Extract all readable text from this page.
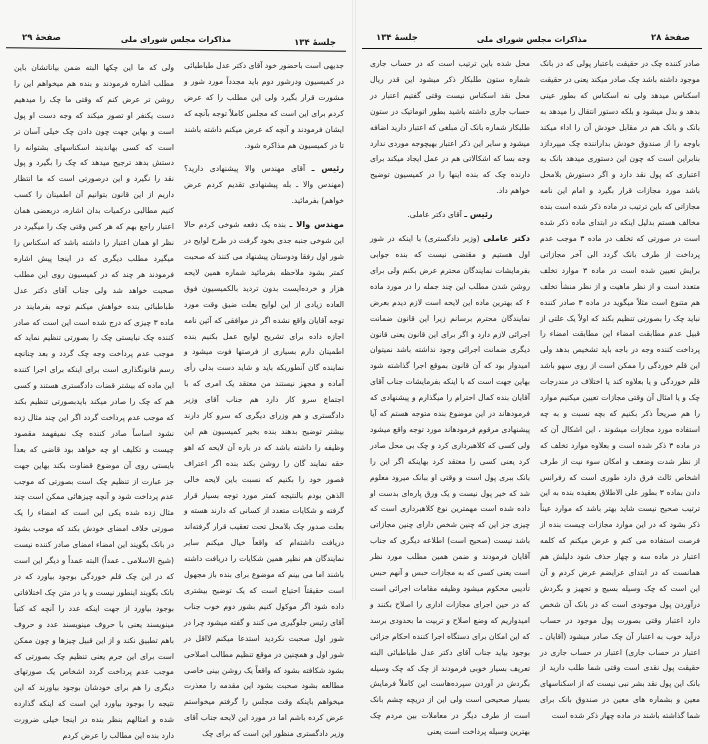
صفحهٔ ۲۹	مذاکرات مجلس شورای ملی	جلسهٔ ۱۳۴

ولی که ما این چکها البته ضمن بیاناتشان باین مطلب اشاره فرمودند و بنده هم میخواهم این را روشن تر عرض کنم که وقتی ما چک را میدهیم دست یکنفر او تصور میکند که وجه دست او پول است و بهاین جهت چون دادن چک خیلی آسان تر است که کسی بهاندیند اسکناسهای بشتوانه را دستش بدهد ترجیح میدهد که چک را بگیرد و پول نقد را نگیرد و این درصورتی است که ما انتظار داریم از این قانون بتوانیم آن اطمینان را کسب کنیم مطالبی درکمیات بدان اشاره، دربعضی همان اعتبار راجع بهم که هر کس وقتی چک را میگیرد در نظر او همان اعتبار را داشته باشد که اسکناس را میگیرد مطلب دیگری که در اینجا پیش اشاره فرمودند هر چند که در کمیسیون روی این مطلب صحبت خواهد شد ولی جناب آقای دکتر عدل طباطبائی بنده خواهش میکنم توجه بفرمایند در ماده ۳ چیزی که درج شده است این است که صادر کننده چک نبایستی چک را بصورتی تنظیم نماید که موجب عدم پرداخت وجه چک گردد و بعد چنانچه رسم قانونگذاری است برای اینکه برای اجرا کننده این ماده که بیشتر قضات دادگستری هستند و کسی هم که چک را صادر میکند بایدبصورتی تنظیم بکند که موجب عدم پرداخت گردد اگر این چند مثال زده نشود اساساً صادر کننده چک نمیفهمد مقصود چیست و تکلیف او چه خواهد بود قاضی که بعداً بایستی روی آن موضوع قضاوت بکند بهاین جهت جز عبارت از تنظیم چک است بصورتی که موجب عدم پرداخت شود و آنچه چیزهائی ممکن است چند مثال زده شده یکی این است که امضاء را یک صورتی خلاف امضای خودش بکند که موجب بشود در بانک بگویند این امضاء امضای صادر کننده نیست (شیخ الاسلامی ـ عمداً) البته عمداً و دیگر این است که در این چک قلم خوردگی بوجود بیاورد که در بانک بگویند اینطور نیست و یا در متن چک اختلافاتی بوجود بیاورد از جهت اینکه عدد را آنچه که کتباً مینویسند یعنی با حروف مینویسند عدد و حروف باهم تطبیق نکند و از این قبیل چیزها و چون ممکن است برای این جرم یعنی تنظیم چک بصورتی که موجب عدم پرداخت گردد اشخاص یک صورتهای دیگری را هم برای خودشان بوجود بیاورند که این نتیجه را بوجود بیاورد این است که اینکه گذارده شده و امثالهم بنظر بنده در اینجا خیلی ضرورت دارد بنده این مطالب را عرض کردم

جدیهی است باحضور خود آقای دکتر عدل طباطبائی در کمیسیون ودرشور دوم باید مجدداً مورد شور و مشورت قرار بگیرد ولی این مطلب را که عرض کردم برای این است که مجلس کاملاً توجه بآنچه که ایشان فرمودند و آنچه که عرض میکنم داشته باشند تا در کمیسیون هم مذاکره شود.

رئیس ـ آقای مهندس والا پیشنهادی دارید؟ (مهندس والا ـ بله پیشنهادی تقدیم کردم عرض خواهم) بفرمائید.

مهندس والا ـ بنده یک دفعه شوخی کردم حالا این شوخی جنبه جدی بخود گرفت در طرح لوایح در شور اول رفقا ودوستان پیشنهاد می کنند که صحبت کمتر بشود ملاحظه بفرمائید شماره همین لایحه هزار و خرده‌ایست بدون تردید بالکمیسیون فوق العاده زیادی از این لوایح بعلت ضیق وقت مورد توجه آقایان واقع نشده اگر در موافقی که آئین نامه اجازه داده برای تشریح لوایح عمل بکنیم بنده اطمینان دارم بسیاری از فرصتها فوت میشود و نماینده گان آنطوریکه باید و شاید دست بدلی رأی آماده و مجهز نیستند من معتقد یک امری که با اجتماع سرو کار دارد هم جناب آقای وزیر دادگستری و هم وزرای دیگری که سرو کار دارند بیشتر توضیح بدهند بنده بخیر کمیسیون هم این وظیفه را داشته باشد که در باره آن لایحه که اهو حقه نمایند گان را روشن بکند بنده اگر اعتراف قصور خود را بکنیم که نسبت باین لایحه خالی الذهن بودم بالنتیجه کمتر مورد توجه بسیار قرار گرفته و شکایات متعدد از کسانی که دارند هسته و بعلت صدور چک بلامحل تحت تعقیب قرار گرفته‌اند دریافت داشته‌ام که واقعاً خیال میکنم سایر نمایندگان هم نظیر همین شکایات را دریافت داشته باشند اما می بینم که موضوع برای بنده باز مجهول است حقیقتاً احتیاج است که یک توضیح بیشتری داده شود اگر موکول کنیم بشور دوم خوب جناب آقای رئیس جلوگیری می کنند و گفته میشود چرا در شور اول صحبت نکردید استدعا میکنم لااقل در شور اول و همچنین در موقع تنظیم مطالب اصلاحی بشود شکافته بشود که واقعاً یک روشن بینی خاصی مطالعه بشود صحبت بشود این مقدمه را معذرت میخواهم باینکه وقت مجلس را گرفتم میخواستم عرض کرده باشم اما در مورد این لایحه جناب آقای وزیر دادگستری منظور این است که برای چک

صفحهٔ ۲۸
مذاکرات مجلس شورای ملی
جلسهٔ ۱۳۴

محل شده باین ترتیب است که در حساب جاری شماره ستون طلبکار ذکر میشود این قدر ریال محل نقد اسکناس نیست وقتی گفتیم اعتبار در حساب جاری داشته باشید بطور اتوماتیک در ستون طلبکار شماره بانک آن مبلغی که اعتبار دارید اضافه میشود و ساير این ذکر اعتبار بهیچوجه موردی ندارد وجه بسا که اشکالاتی هم در عمل ایجاد میکند برای دارنده چک که بنده اینها را در کمیسیون توضیح خواهم داد.

رئیس ـ آقای دکتر عاملی.

دکتر عاملی (وزیر دادگستری) با اینکه در شور اول هستیم و مقتضی نیست که بنده جوابی بفرمایشات نمایندگان محترم عرض بکنم ولی برای روشن شدن مطلب این چند جمله را در مورد ماده ۶ که بهترین ماده این لایحه است لازم دیدم بعرض نمایندگان محترم برسانم زیرا این قانون ضمانت اجرائی لازم دارد و اگر برای این قانون یعنی قانون دیگری ضمانت اجرائی وجود نداشته باشد نمیتوان امیدوار بود که آن قانون بموقع اجرا گذاشته شود بهاین جهت است که با اینکه بفرمایشات جناب آقای آقایان بنده کمال احترام را میگذارم و پیشنهادی که فرمودهاند در این موضوع بنده متوجه هستم که آیا پیشنهادی مرقوم فرمودهاند مورد توجه واقع میشود ولی کسی که کلاهبرداری کرد و چک بی محل صادر کرد یعنی کسی را معتقد کرد بهاینکه اگر این را بانک ببری پول است و وقتی او ببانک میرود معلوم شد که خیر پول نیست و یک ورق پاره‌ای بدست او داده شده است مهمترین نوع کلاهبرداری است که چیزی جز این که چنین شخص دارای چنین مجازاتی باشد نیست (صحیح است) اطلاعه دیگری که جناب آقایان فرمودند و ضمن همین مطلب مورد نظر است یعنی کسی که به مجازات حبس و آنهم حبس تأدیبی محکوم میشود وظیفه مقامات اجرائی است که در حین اجرای مجازات اداری را اصلاح بکنند و امیدواریم که وضع اصلاح و تربیت ما بحدودی برسد که این امکان برای دستگاه اجرا کننده احکام جزائی بوجود بیاید جناب آقای دکتر عدل طباطبائی البته تعریف بسیار خوبی فرمودند از چک که چک وسیله بگردش در آوردن سپرده‌هاست این کاملاً فرمایش بسیار صحیحی است ولی این از دریچه چشم بانک است از طرف دیگر در معاملات بین مردم چک بهترین وسیله پرداخت است یعنی

صادر کننده چک در حقیقت باعتبار پولی که در بانک موجود داشته باشد چک صادر میکند یعنی در حقیقت اسکناس میدهد ولی نه اسکناس که بطور عینی بدهد و بدل میشود و بلکه دستور انتقال را میدهد به بانک و بانک هم در مقابل خودش آن را اداء میکند باوجه را از صندوق خودش بداراننده چک میپردازد بنابراین است که چون این دستوری میدهد بانک به اعتباری که پول نقد دارد و اگر دستورش بلامحل باشد مورد مجازات قرار بگیرد و امام این نامه مجازاتی که باین ترتیب در ماده ذکر شده است بنده مخالف هستم بدلیل اینکه در ابتدای ماده ذکر شده است در صورتی که تخلف در ماده ۳ موجب عدم پرداخت از طرف بانک گردد الی آخر مجازاتی برایش تعیین شده است در ماده ۳ موارد تخلف متعدد است و از نظر ماهیت و از نظر منشأ تخلف هم متنوع است مثلاً میگوید در ماده ۳ صادر کننده نباید چک را بصورتی تنظیم بکند که اولاً یک علتی از قبیل عدم مطابقت امضاء این مطابقت امضاء را پرداخت کننده وجه در باجه باید تشخیص بدهد ولی این قلم خوردگی را ممکن است از روی سهو باشد قلم خوردگی و یا بعلاوه کند یا اختلاف در مندرجات چک و یا امثال آن وقتی مجازات تعیین میکنیم موارد را هم صریحاً ذکر بکنیم که بچه نسبت و به چه استفاده مورد مجازات میشوند ، این اشکال آن که در ماده ۳ ذکر شده است و بعلاوه موارد تخلف که از نظر شدت وضعف و امکان سوء نیت از طرف اشخاص ثالث فرق دارد طوری است که رفرانس دادن بماده ۳ بطور علی الاطلاق بعقیده بنده به این ترتیب صحیح نیست شاید بهتر باشد که موارد عیناً ذکر بشود که در این موارد مجازات چیست بنده از فرصت استفاده می کنم و عرض میکنم که کلمه اعتبار در ماده سه و چهار حذف شود دلیلش هم همانست که در ابتدای عرایضم عرض کردم و آن این است که چک وسیله بسیج و تجهیز و بگردش درآوردن پول موجودی است که در بانک آن شخص دارد اعتبار وقتی بصورت پول موجود در حساب درآید خوب به اعتبار آن چک صادر میشود (آقایان ـ اعتبار در حساب جاری) اعتبار در حساب جاری در حقیقت پول نقدی است وقتی شما طلب دارید از بانک این پول نقد بشر نبی نیست که از اسکناسهای معین و بشماره های معین در صندوق بانک برای شما گذاشته باشند در ماده چهار ذکر شده است
